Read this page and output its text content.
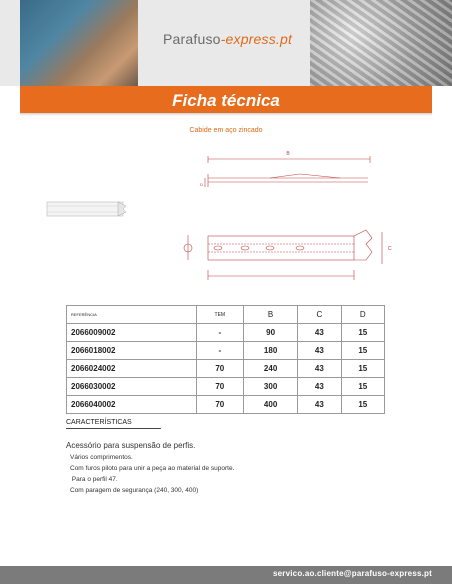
Parafuso-express.pt
Ficha técnica
Cabide em aço zincado
B
D
C
REFERÊNCIA	TEM	B	C	D
2066009002	-	90	43	15
2066018002	-	180	43	15
2066024002	70	240	43	15
2066030002	70	300	43	15
2066040002	70	400	43	15
CARACTERÍSTICAS
Acessório para suspensão de perfis.
Vários comprimentos.
Com furos piloto para unir a peça ao material de suporte.
Para o perfil 47.
Com paragem de segurança (240, 300, 400)
servico.ao.cliente@parafuso-express.pt
